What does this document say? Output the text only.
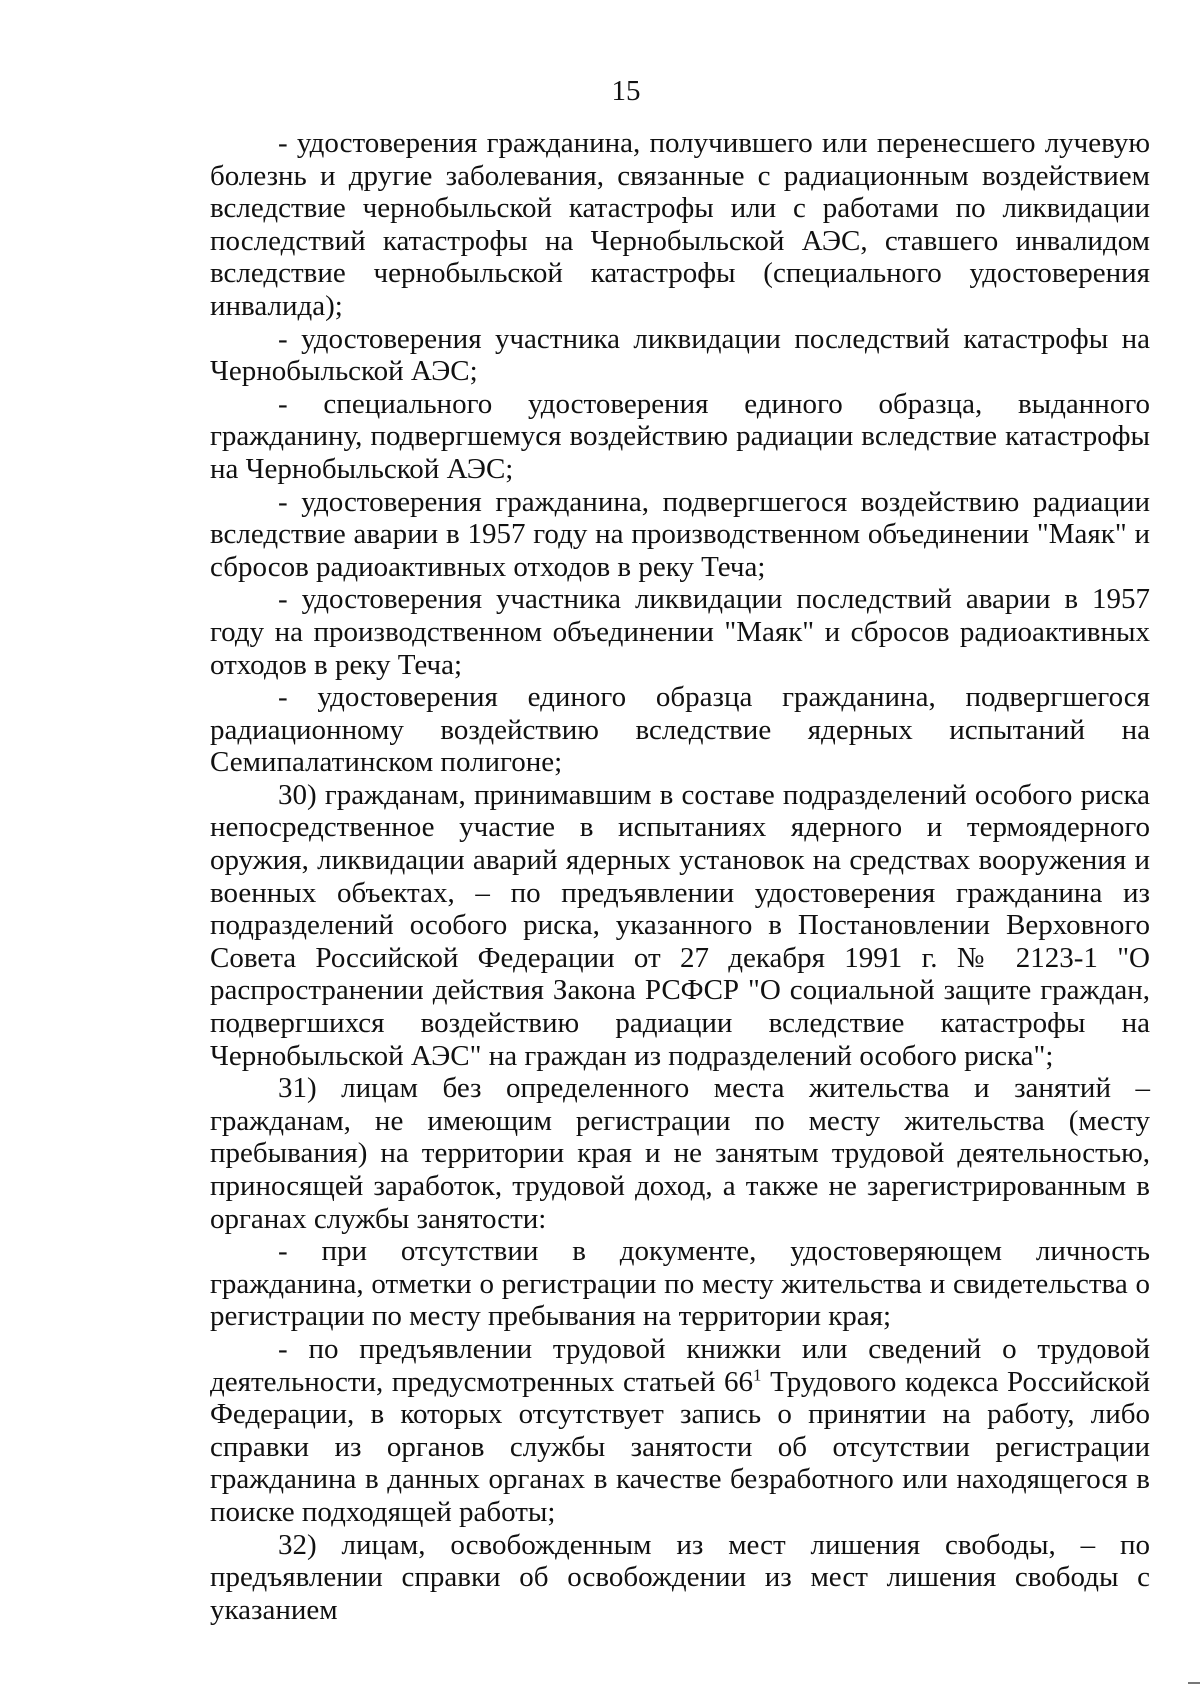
15

- удостоверения гражданина, получившего или перенесшего лучевую болезнь и другие заболевания, связанные с радиационным воздействием вследствие чернобыльской катастрофы или с работами по ликвидации последствий катастрофы на Чернобыльской АЭС, ставшего инвалидом вследствие чернобыльской катастрофы (специального удостоверения инвалида);

- удостоверения участника ликвидации последствий катастрофы на Чернобыльской АЭС;

- специального удостоверения единого образца, выданного гражданину, подвергшемуся воздействию радиации вследствие катастрофы на Чернобыльской АЭС;

- удостоверения гражданина, подвергшегося воздействию радиации вследствие аварии в 1957 году на производственном объединении "Маяк" и сбросов радиоактивных отходов в реку Теча;

- удостоверения участника ликвидации последствий аварии в 1957 году на производственном объединении "Маяк" и сбросов радиоактивных отходов в реку Теча;

- удостоверения единого образца гражданина, подвергшегося радиационному воздействию вследствие ядерных испытаний на Семипалатинском полигоне;

30) гражданам, принимавшим в составе подразделений особого риска непосредственное участие в испытаниях ядерного и термоядерного оружия, ликвидации аварий ядерных установок на средствах вооружения и военных объектах, – по предъявлении удостоверения гражданина из подразделений особого риска, указанного в Постановлении Верховного Совета Российской Федерации от 27 декабря 1991 г. № 2123-1 "О распространении действия Закона РСФСР "О социальной защите граждан, подвергшихся воздействию радиации вследствие катастрофы на Чернобыльской АЭС" на граждан из подразделений особого риска";

31) лицам без определенного места жительства и занятий – гражданам, не имеющим регистрации по месту жительства (месту пребывания) на территории края и не занятым трудовой деятельностью, приносящей заработок, трудовой доход, а также не зарегистрированным в органах службы занятости:

- при отсутствии в документе, удостоверяющем личность гражданина, отметки о регистрации по месту жительства и свидетельства о регистрации по месту пребывания на территории края;

- по предъявлении трудовой книжки или сведений о трудовой деятельности, предусмотренных статьей $66^1$ Трудового кодекса Российской Федерации, в которых отсутствует запись о принятии на работу, либо справки из органов службы занятости об отсутствии регистрации гражданина в данных органах в качестве безработного или находящегося в поиске подходящей работы;

32) лицам, освобожденным из мест лишения свободы, – по предъявлении справки об освобождении из мест лишения свободы с указанием
